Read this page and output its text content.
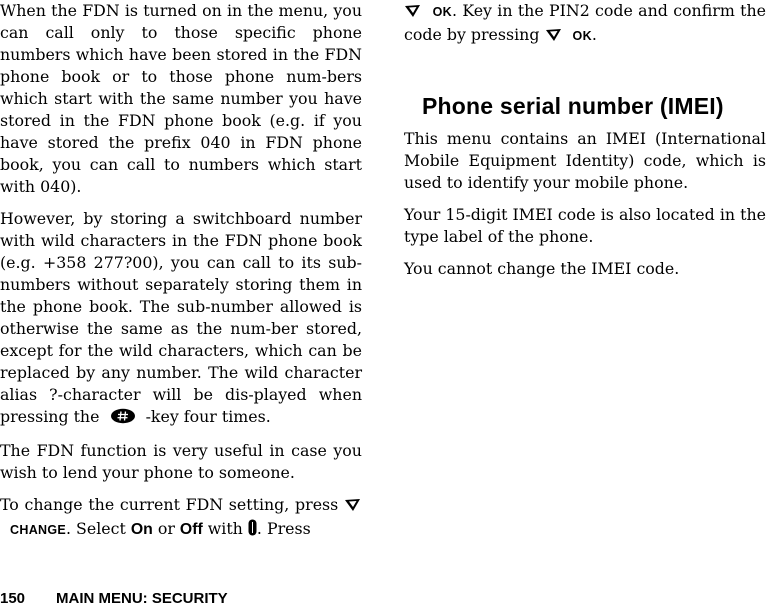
When the FDN is turned on in the menu, you can call only to those specific phone numbers which have been stored in the FDN phone book or to those phone num-bers which start with the same number you have stored in the FDN phone book (e.g. if you have stored the prefix 040 in FDN phone book, you can call to numbers which start with 040).

However, by storing a switchboard number with wild characters in the FDN phone book (e.g. +358 277?00), you can call to its sub-numbers without separately storing them in the phone book. The sub-number allowed is otherwise the same as the num-ber stored, except for the wild characters, which can be replaced by any number. The wild character alias ?-character will be dis-played when pressing the	-key four times.

The FDN function is very useful in case you wish to lend your phone to someone.

To change the current FDN setting, press   CHANGE. Select On or Off with . Press

OK. Key in the PIN2 code and confirm the code by pressing	OK.

Phone serial number (IMEI)

This menu contains an IMEI (International Mobile Equipment Identity) code, which is used to identify your mobile phone.

Your 15-digit IMEI code is also located in the type label of the phone.

You cannot change the IMEI code.

150 MAIN MENU: SECURITY
